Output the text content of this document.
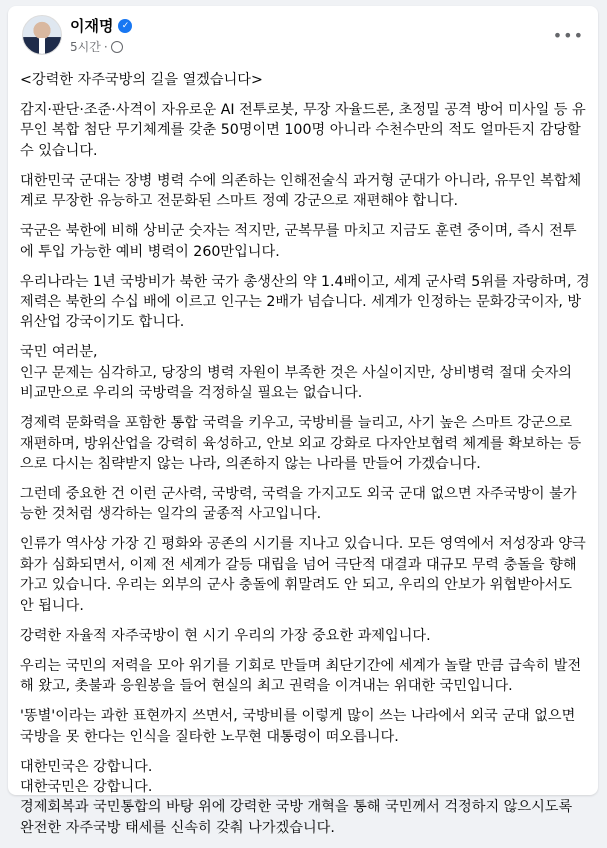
이재명 ✓
5시간 ·
•••
<강력한 자주국방의 길을 열겠습니다>
감지·판단·조준·사격이 자유로운 AI 전투로봇, 무장 자율드론, 초정밀 공격 방어 미사일 등 유
무인 복합 첨단 무기체계를 갖춘 50명이면 100명 아니라 수천수만의 적도 얼마든지 감당할
수 있습니다.
대한민국 군대는 장병 병력 수에 의존하는 인해전술식 과거형 군대가 아니라, 유무인 복합체
계로 무장한 유능하고 전문화된 스마트 정예 강군으로 재편해야 합니다.
국군은 북한에 비해 상비군 숫자는 적지만, 군복무를 마치고 지금도 훈련 중이며, 즉시 전투
에 투입 가능한 예비 병력이 260만입니다.
우리나라는 1년 국방비가 북한 국가 총생산의 약 1.4배이고, 세계 군사력 5위를 자랑하며, 경
제력은 북한의 수십 배에 이르고 인구는 2배가 넘습니다. 세계가 인정하는 문화강국이자, 방
위산업 강국이기도 합니다.
국민 여러분,
인구 문제는 심각하고, 당장의 병력 자원이 부족한 것은 사실이지만, 상비병력 절대 숫자의
비교만으로 우리의 국방력을 걱정하실 필요는 없습니다.
경제력 문화력을 포함한 통합 국력을 키우고, 국방비를 늘리고, 사기 높은 스마트 강군으로
재편하며, 방위산업을 강력히 육성하고, 안보 외교 강화로 다자안보협력 체계를 확보하는 등
으로 다시는 침략받지 않는 나라, 의존하지 않는 나라를 만들어 가겠습니다.
그런데 중요한 건 이런 군사력, 국방력, 국력을 가지고도 외국 군대 없으면 자주국방이 불가
능한 것처럼 생각하는 일각의 굴종적 사고입니다.
인류가 역사상 가장 긴 평화와 공존의 시기를 지나고 있습니다. 모든 영역에서 저성장과 양극
화가 심화되면서, 이제 전 세계가 갈등 대립을 넘어 극단적 대결과 대규모 무력 충돌을 향해
가고 있습니다. 우리는 외부의 군사 충돌에 휘말려도 안 되고, 우리의 안보가 위협받아서도
안 됩니다.
강력한 자율적 자주국방이 현 시기 우리의 가장 중요한 과제입니다.
우리는 국민의 저력을 모아 위기를 기회로 만들며 최단기간에 세계가 놀랄 만큼 급속히 발전
해 왔고, 촛불과 응원봉을 들어 현실의 최고 권력을 이겨내는 위대한 국민입니다.
'똥별'이라는 과한 표현까지 쓰면서, 국방비를 이렇게 많이 쓰는 나라에서 외국 군대 없으면
국방을 못 한다는 인식을 질타한 노무현 대통령이 떠오릅니다.
대한민국은 강합니다.
대한국민은 강합니다.
경제회복과 국민통합의 바탕 위에 강력한 국방 개혁을 통해 국민께서 걱정하지 않으시도록
완전한 자주국방 태세를 신속히 갖춰 나가겠습니다.
